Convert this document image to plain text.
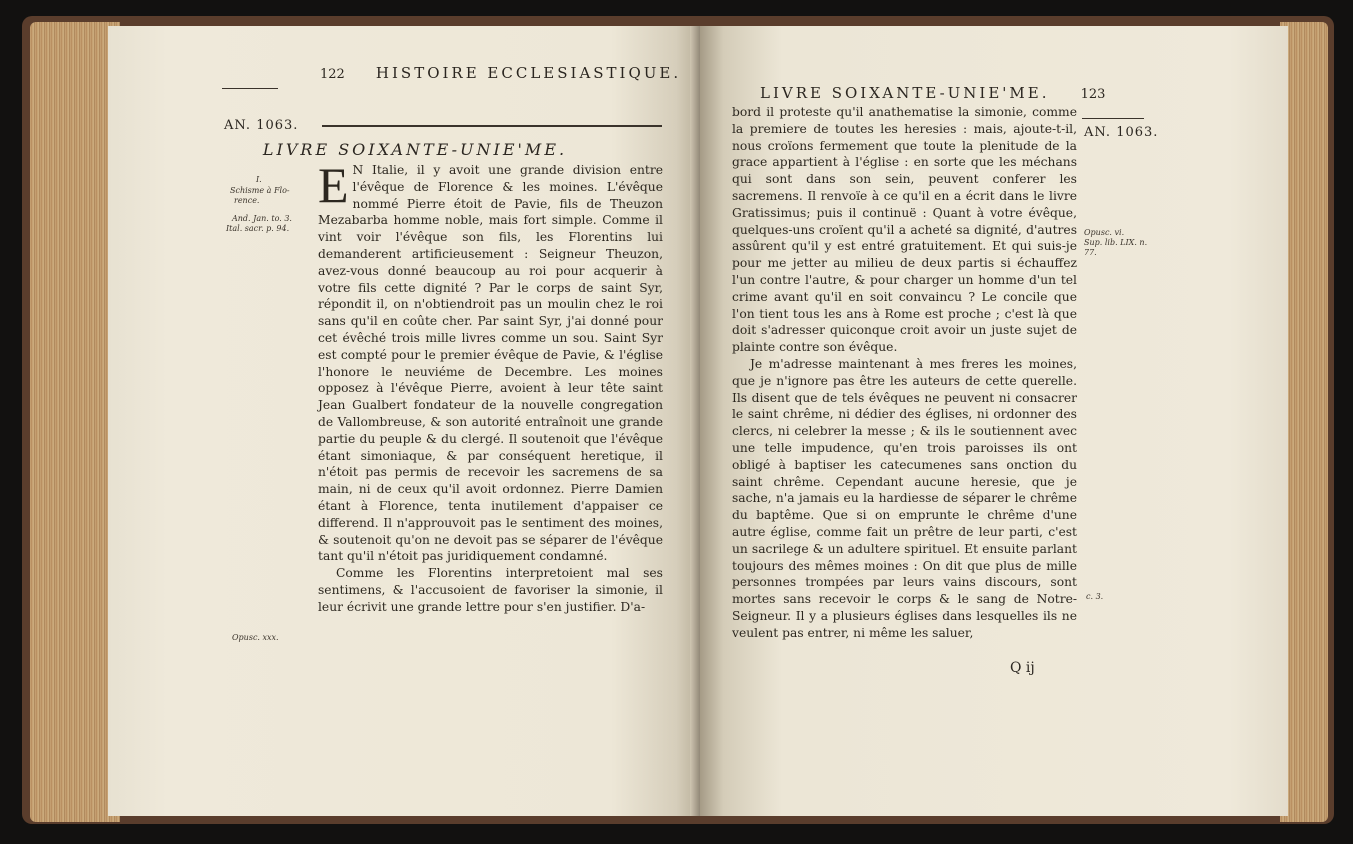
122 HISTOIRE ECCLESIASTIQUE.
AN. 1063.
LIVRE SOIXANTE-UNIE'ME.
I.
Schisme à Flo-
rence.
And. Jan. to. 3.
Ital. sacr. p. 94.
Opusc. xxx.

E N Italie, il y avoit une grande division entre l'évêque de Florence & les moines. L'évêque nommé Pierre étoit de Pavie, fils de Theuzon Mezabarba homme noble, mais fort simple. Comme il vint voir l'évêque son fils, les Florentins lui demanderent artificieusement : Seigneur Theuzon, avez-vous donné beaucoup au roi pour acquerir à votre fils cette dignité ? Par le corps de saint Syr, répondit il, on n'obtiendroit pas un moulin chez le roi sans qu'il en coûte cher. Par saint Syr, j'ai donné pour cet évêché trois mille livres comme un sou. Saint Syr est compté pour le premier évêque de Pavie, & l'église l'honore le neuviéme de Decembre. Les moines opposez à l'évêque Pierre, avoient à leur tête saint Jean Gualbert fondateur de la nouvelle congregation de Vallombreuse, & son autorité entraînoit une grande partie du peuple & du clergé. Il soutenoit que l'évêque étant simoniaque, & par conséquent heretique, il n'étoit pas permis de recevoir les sacremens de sa main, ni de ceux qu'il avoit ordonnez. Pierre Damien étant à Florence, tenta inutilement d'appaiser ce differend. Il n'approuvoit pas le sentiment des moines, & soutenoit qu'on ne devoit pas se séparer de l'évêque tant qu'il n'étoit pas juridiquement condamné.

Comme les Florentins interpretoient mal ses sentimens, & l'accusoient de favoriser la simonie, il leur écrivit une grande lettre pour s'en justifier. D'a-

LIVRE SOIXANTE-UNIE'ME. 123
AN. 1063.
Opusc. vi.
Sup. lib. LIX. n.
77.
c. 3.

bord il proteste qu'il anathematise la simonie, comme la premiere de toutes les heresies : mais, ajoute-t-il, nous croïons fermement que toute la plenitude de la grace appartient à l'église : en sorte que les méchans qui sont dans son sein, peuvent conferer les sacremens. Il renvoïe à ce qu'il en a écrit dans le livre Gratissimus; puis il continuë : Quant à votre évêque, quelques-uns croïent qu'il a acheté sa dignité, d'autres assûrent qu'il y est entré gratuitement. Et qui suis-je pour me jetter au milieu de deux partis si échauffez l'un contre l'autre, & pour charger un homme d'un tel crime avant qu'il en soit convaincu ? Le concile que l'on tient tous les ans à Rome est proche ; c'est là que doit s'adresser quiconque croit avoir un juste sujet de plainte contre son évêque.

Je m'adresse maintenant à mes freres les moines, que je n'ignore pas être les auteurs de cette querelle. Ils disent que de tels évêques ne peuvent ni consacrer le saint chrême, ni dédier des églises, ni ordonner des clercs, ni celebrer la messe ; & ils le soutiennent avec une telle impudence, qu'en trois paroisses ils ont obligé à baptiser les catecumenes sans onction du saint chrême. Cependant aucune heresie, que je sache, n'a jamais eu la hardiesse de séparer le chrême du baptême. Que si on emprunte le chrême d'une autre église, comme fait un prêtre de leur parti, c'est un sacrilege & un adultere spirituel. Et ensuite parlant toujours des mêmes moines : On dit que plus de mille personnes trompées par leurs vains discours, sont mortes sans recevoir le corps & le sang de Notre-Seigneur. Il y a plusieurs églises dans lesquelles ils ne veulent pas entrer, ni même les saluer,

Q ij
